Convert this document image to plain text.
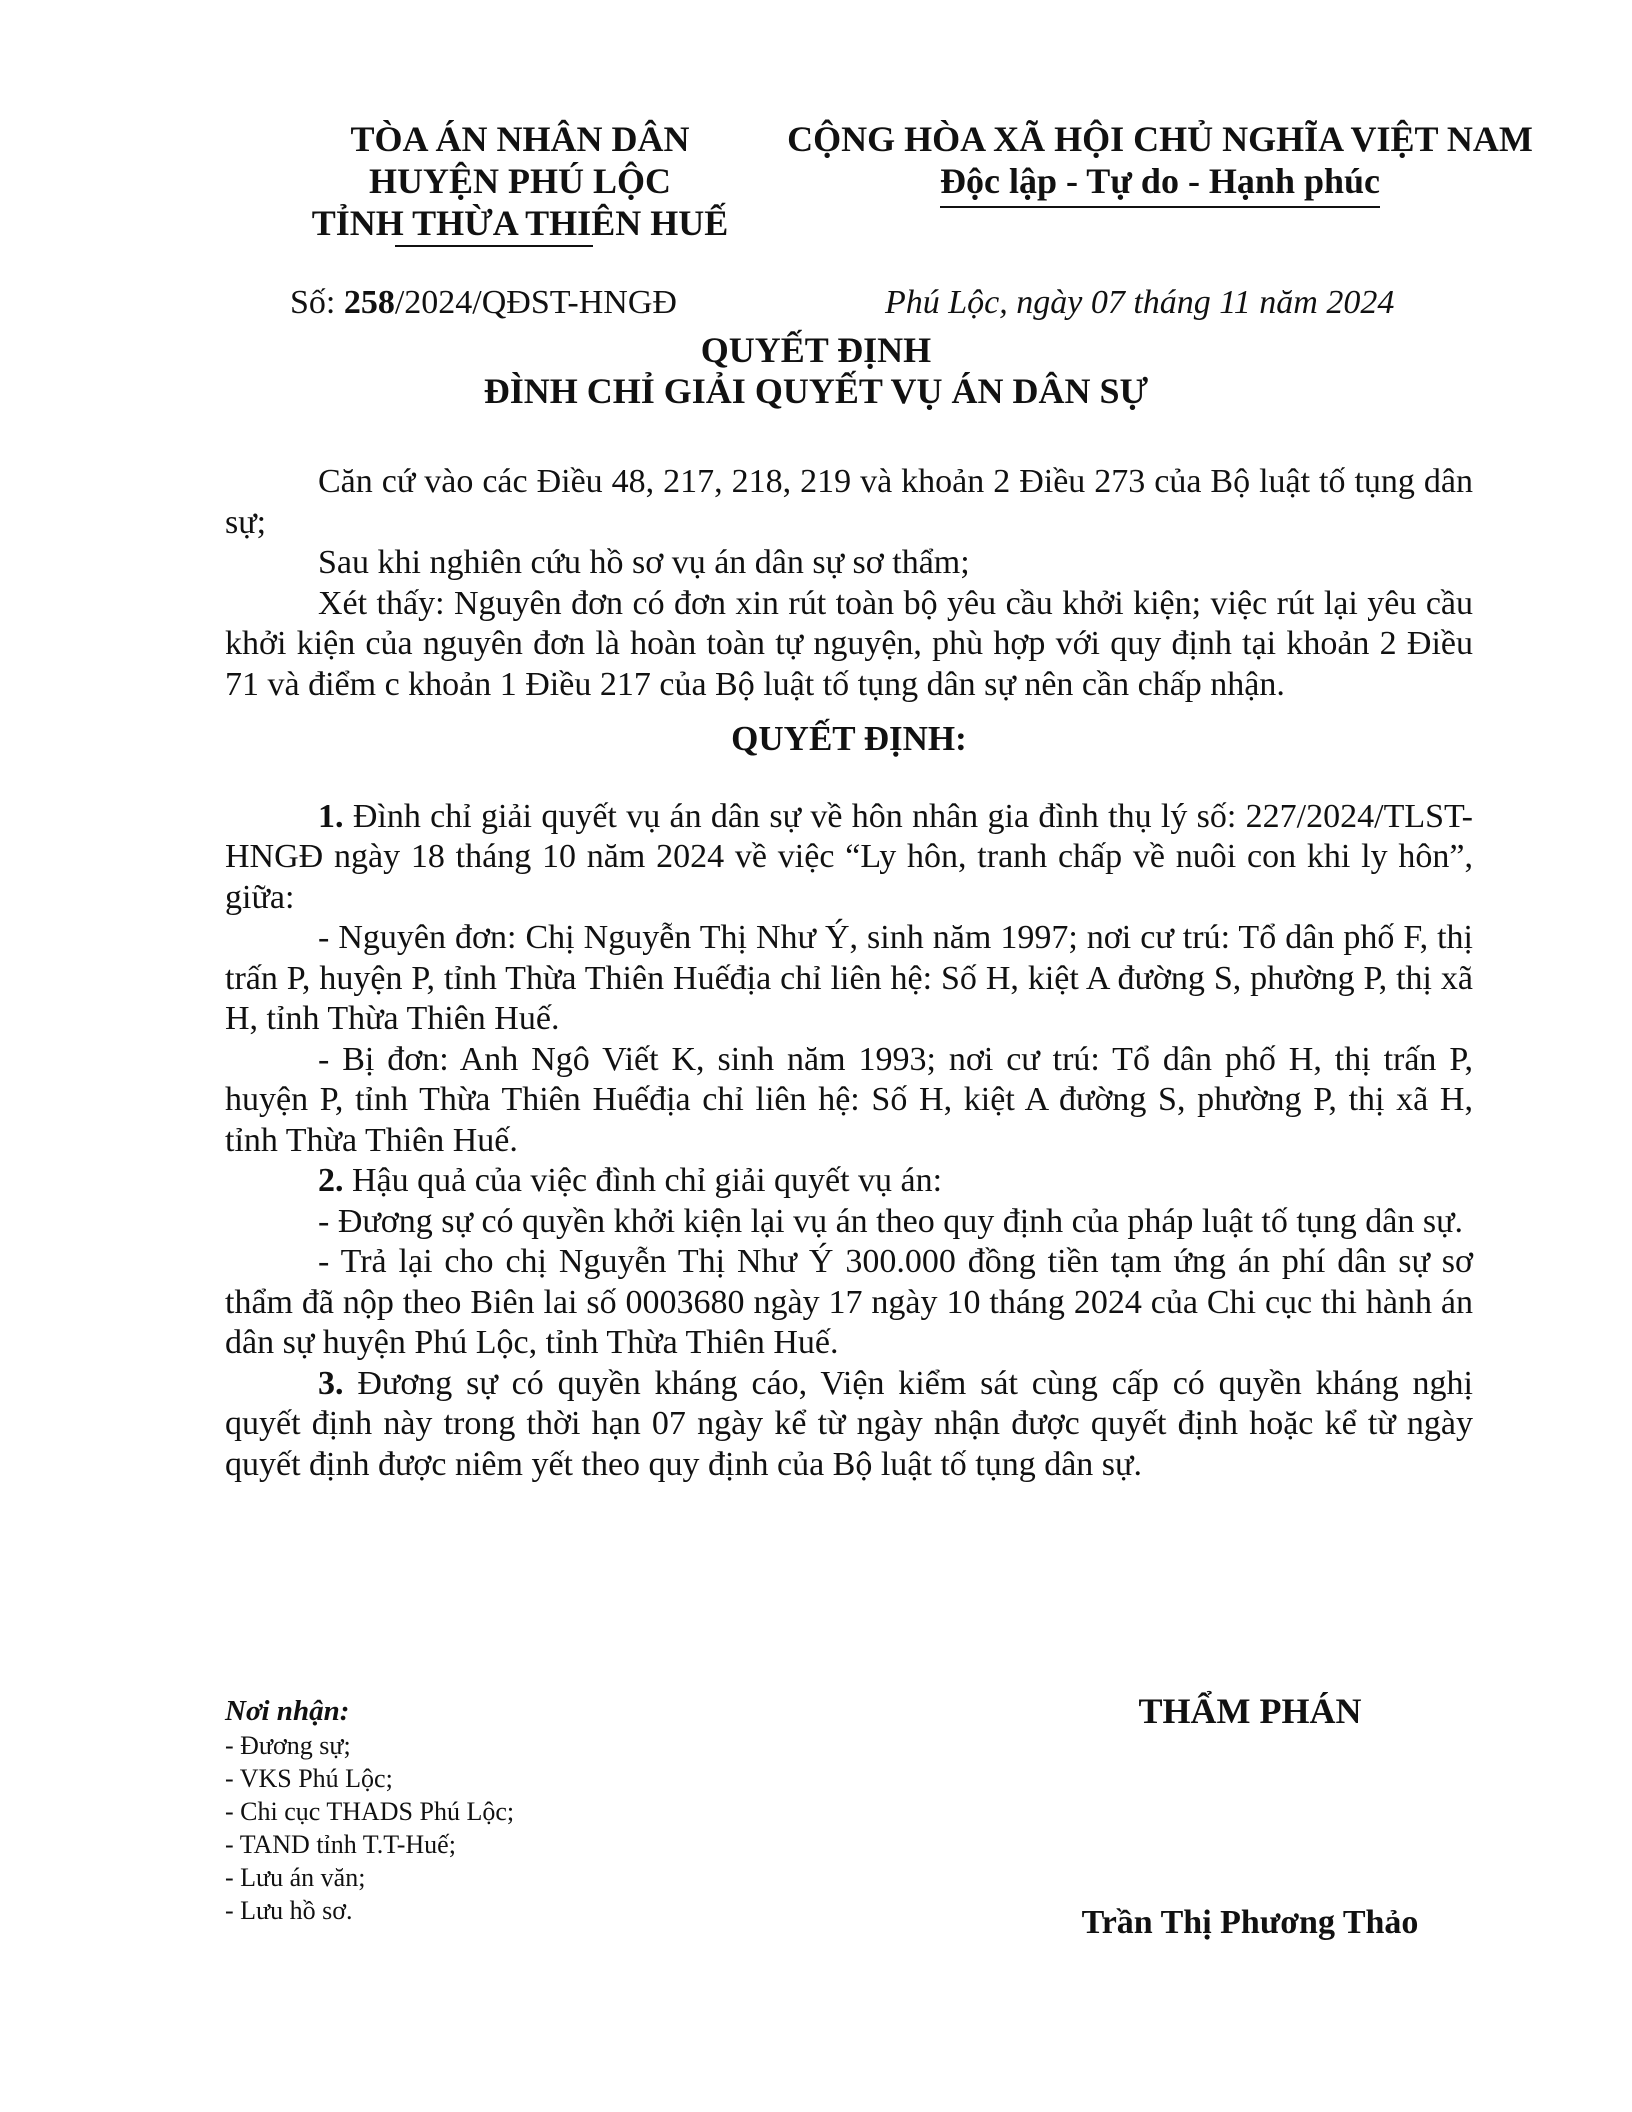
TÒA ÁN NHÂN DÂN
HUYỆN PHÚ LỘC
TỈNH THỪA THIÊN HUẾ
CỘNG HÒA XÃ HỘI CHỦ NGHĨA VIỆT NAM
Độc lập - Tự do - Hạnh phúc
Số: 258/2024/QĐST-HNGĐ	Phú Lộc, ngày 07 tháng 11 năm 2024
QUYẾT ĐỊNH
ĐÌNH CHỈ GIẢI QUYẾT VỤ ÁN DÂN SỰ

Căn cứ vào các Điều 48, 217, 218, 219 và khoản 2 Điều 273 của Bộ luật tố tụng dân sự;

Sau khi nghiên cứu hồ sơ vụ án dân sự sơ thẩm;

Xét thấy: Nguyên đơn có đơn xin rút toàn bộ yêu cầu khởi kiện; việc rút lại yêu cầu khởi kiện của nguyên đơn là hoàn toàn tự nguyện, phù hợp với quy định tại khoản 2 Điều 71 và điểm c khoản 1 Điều 217 của Bộ luật tố tụng dân sự nên cần chấp nhận.

QUYẾT ĐỊNH:

1. Đình chỉ giải quyết vụ án dân sự về hôn nhân gia đình thụ lý số: 227/2024/TLST-HNGĐ ngày 18 tháng 10 năm 2024 về việc “Ly hôn, tranh chấp về nuôi con khi ly hôn”, giữa:

- Nguyên đơn: Chị Nguyễn Thị Như Ý, sinh năm 1997; nơi cư trú: Tổ dân phố F, thị trấn P, huyện P, tỉnh Thừa Thiên Huếđịa chỉ liên hệ: Số H, kiệt A đường S, phường P, thị xã H, tỉnh Thừa Thiên Huế.

- Bị đơn: Anh Ngô Viết K, sinh năm 1993; nơi cư trú: Tổ dân phố H, thị trấn P, huyện P, tỉnh Thừa Thiên Huếđịa chỉ liên hệ: Số H, kiệt A đường S, phường P, thị xã H, tỉnh Thừa Thiên Huế.

2. Hậu quả của việc đình chỉ giải quyết vụ án:

- Đương sự có quyền khởi kiện lại vụ án theo quy định của pháp luật tố tụng dân sự.

- Trả lại cho chị Nguyễn Thị Như Ý 300.000 đồng tiền tạm ứng án phí dân sự sơ thẩm đã nộp theo Biên lai số 0003680 ngày 17 ngày 10 tháng 2024 của Chi cục thi hành án dân sự huyện Phú Lộc, tỉnh Thừa Thiên Huế.

3. Đương sự có quyền kháng cáo, Viện kiểm sát cùng cấp có quyền kháng nghị quyết định này trong thời hạn 07 ngày kể từ ngày nhận được quyết định hoặc kể từ ngày quyết định được niêm yết theo quy định của Bộ luật tố tụng dân sự.

Nơi nhận:
- Đương sự;
- VKS Phú Lộc;
- Chi cục THADS Phú Lộc;
- TAND tỉnh T.T-Huế;
- Lưu án văn;
- Lưu hồ sơ.
THẨM PHÁN
Trần Thị Phương Thảo
